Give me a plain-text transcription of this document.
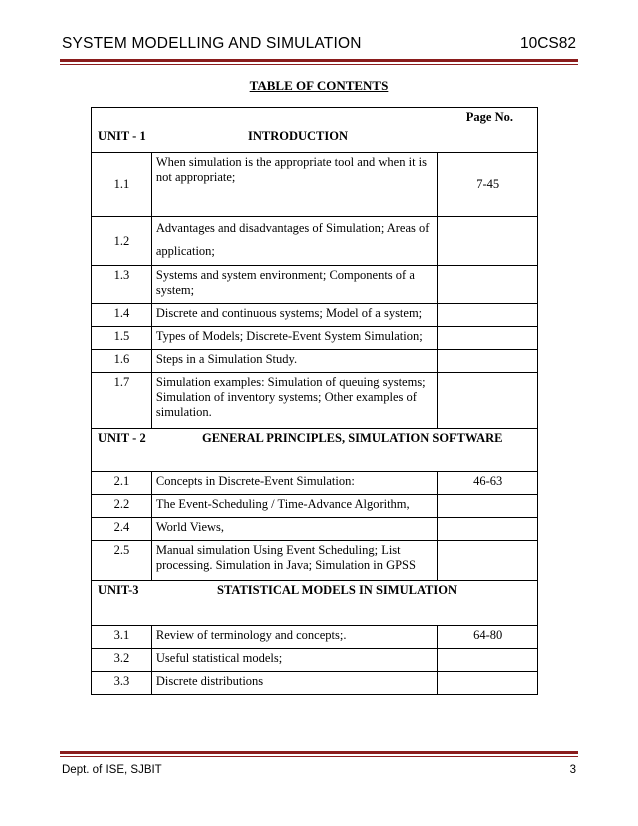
SYSTEM MODELLING AND SIMULATION	10CS82
TABLE OF CONTENTS
UNIT - 1 INTRODUCTION
Page No.		

1.1	When simulation is the appropriate tool and when it is not appropriate;	7-45
1.2	Advantages and disadvantages of Simulation; Areas of application;	
1.3	Systems and system environment; Components of a system;	
1.4	Discrete and continuous systems; Model of a system;	
1.5	Types of Models; Discrete-Event System Simulation;	
1.6	Steps in a Simulation Study.	
1.7	Simulation examples: Simulation of queuing systems; Simulation of inventory systems; Other examples of simulation.	

UNIT - 2 GENERAL PRINCIPLES, SIMULATION SOFTWARE		

2.1	Concepts in Discrete-Event Simulation:	46-63
2.2	The Event-Scheduling / Time-Advance Algorithm,	
2.4	World Views,	
2.5	Manual simulation Using Event Scheduling; List processing. Simulation in Java; Simulation in GPSS	

UNIT-3 STATISTICAL MODELS IN SIMULATION		

3.1	Review of terminology and concepts;.	64-80
3.2	Useful statistical models;	
3.3	Discrete distributions	
Dept. of ISE, SJBIT	3
